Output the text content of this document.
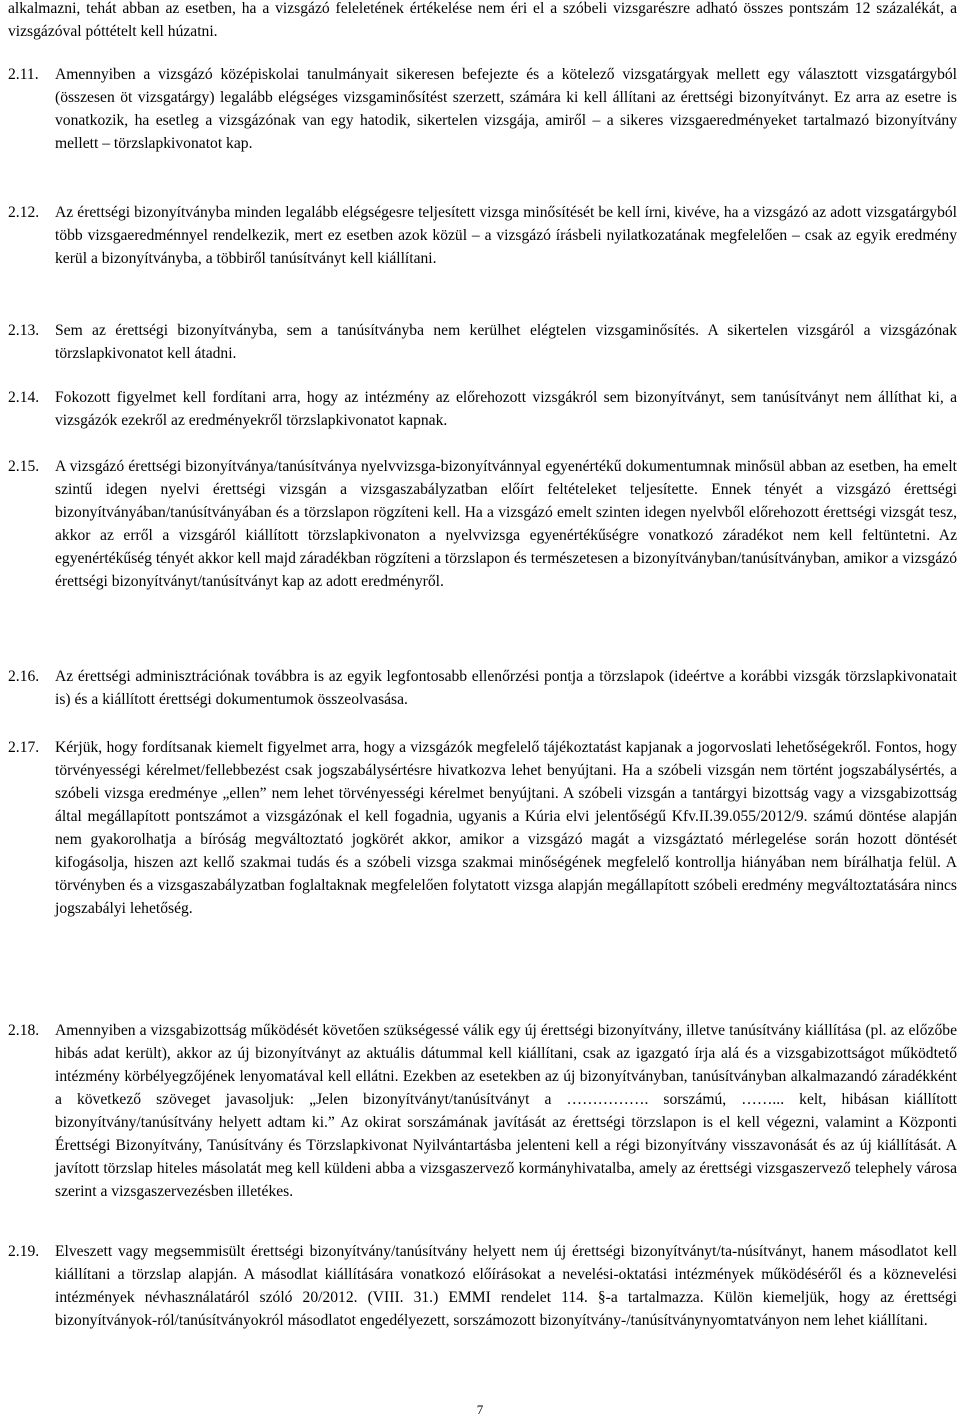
alkalmazni, tehát abban az esetben, ha a vizsgázó feleletének értékelése nem éri el a szóbeli vizsgarészre adható összes pontszám 12 százalékát, a vizsgázóval póttételt kell húzatni.

2.11.	Amennyiben a vizsgázó középiskolai tanulmányait sikeresen befejezte és a kötelező vizsgatárgyak mellett egy választott vizsgatárgyból (összesen öt vizsgatárgy) legalább elégséges vizsgaminősítést szerzett, számára ki kell állítani az érettségi bizonyítványt. Ez arra az esetre is vonatkozik, ha esetleg a vizsgázónak van egy hatodik, sikertelen vizsgája, amiről – a sikeres vizsgaeredményeket tartalmazó bizonyítvány mellett – törzslapkivonatot kap.

2.12.	Az érettségi bizonyítványba minden legalább elégségesre teljesített vizsga minősítését be kell írni, kivéve, ha a vizsgázó az adott vizsgatárgyból több vizsgaeredménnyel rendelkezik, mert ez esetben azok közül – a vizsgázó írásbeli nyilatkozatának megfelelően – csak az egyik eredmény kerül a bizonyítványba, a többiről tanúsítványt kell kiállítani.

2.13.	Sem az érettségi bizonyítványba, sem a tanúsítványba nem kerülhet elégtelen vizsgaminősítés. A sikertelen vizsgáról a vizsgázónak törzslapkivonatot kell átadni.

2.14.	Fokozott figyelmet kell fordítani arra, hogy az intézmény az előrehozott vizsgákról sem bizonyítványt, sem tanúsítványt nem állíthat ki, a vizsgázók ezekről az eredményekről törzslapkivonatot kapnak.

2.15.	A vizsgázó érettségi bizonyítványa/tanúsítványa nyelvvizsga-bizonyítvánnyal egyenértékű dokumentumnak minősül abban az esetben, ha emelt szintű idegen nyelvi érettségi vizsgán a vizsgaszabályzatban előírt feltételeket teljesítette. Ennek tényét a vizsgázó érettségi bizonyítványában/tanúsítványában és a törzslapon rögzíteni kell. Ha a vizsgázó emelt szinten idegen nyelvből előrehozott érettségi vizsgát tesz, akkor az erről a vizsgáról kiállított törzslapkivonaton a nyelvvizsga egyenértékűségre vonatkozó záradékot nem kell feltüntetni. Az egyenértékűség tényét akkor kell majd záradékban rögzíteni a törzslapon és természetesen a bizonyítványban/tanúsítványban, amikor a vizsgázó érettségi bizonyítványt/tanúsítványt kap az adott eredményről.

2.16.	Az érettségi adminisztrációnak továbbra is az egyik legfontosabb ellenőrzési pontja a törzslapok (ideértve a korábbi vizsgák törzslapkivonatait is) és a kiállított érettségi dokumentumok összeolvasása.

2.17.	Kérjük, hogy fordítsanak kiemelt figyelmet arra, hogy a vizsgázók megfelelő tájékoztatást kapjanak a jogorvoslati lehetőségekről. Fontos, hogy törvényességi kérelmet/fellebbezést csak jogszabálysértésre hivatkozva lehet benyújtani. Ha a szóbeli vizsgán nem történt jogszabálysértés, a szóbeli vizsga eredménye „ellen” nem lehet törvényességi kérelmet benyújtani. A szóbeli vizsgán a tantárgyi bizottság vagy a vizsgabizottság által megállapított pontszámot a vizsgázónak el kell fogadnia, ugyanis a Kúria elvi jelentőségű Kfv.II.39.055/2012/9. számú döntése alapján nem gyakorolhatja a bíróság megváltoztató jogkörét akkor, amikor a vizsgázó magát a vizsgáztató mérlegelése során hozott döntését kifogásolja, hiszen azt kellő szakmai tudás és a szóbeli vizsga szakmai minőségének megfelelő kontrollja hiányában nem bírálhatja felül. A törvényben és a vizsgaszabályzatban foglaltaknak megfelelően folytatott vizsga alapján megállapított szóbeli eredmény megváltoztatására nincs jogszabályi lehetőség.

2.18.	Amennyiben a vizsgabizottság működését követően szükségessé válik egy új érettségi bizonyítvány, illetve tanúsítvány kiállítása (pl. az előzőbe hibás adat került), akkor az új bizonyítványt az aktuális dátummal kell kiállítani, csak az igazgató írja alá és a vizsgabizottságot működtető intézmény körbélyegzőjének lenyomatával kell ellátni. Ezekben az esetekben az új bizonyítványban, tanúsítványban alkalmazandó záradékként a következő szöveget javasoljuk: „Jelen bizonyítványt/tanúsítványt a ……………. sorszámú, ……... kelt, hibásan kiállított bizonyítvány/tanúsítvány helyett adtam ki.” Az okirat sorszámának javítását az érettségi törzslapon is el kell végezni, valamint a Központi Érettségi Bizonyítvány, Tanúsítvány és Törzslapkivonat Nyilvántartásba jelenteni kell a régi bizonyítvány visszavonását és az új kiállítását. A javított törzslap hiteles másolatát meg kell küldeni abba a vizsgaszervező kormányhivatalba, amely az érettségi vizsgaszervező telephely városa szerint a vizsgaszervezésben illetékes.

2.19.	Elveszett vagy megsemmisült érettségi bizonyítvány/tanúsítvány helyett nem új érettségi bizonyítványt/ta-núsítványt, hanem másodlatot kell kiállítani a törzslap alapján. A másodlat kiállítására vonatkozó előírásokat a nevelési-oktatási intézmények működéséről és a köznevelési intézmények névhasználatáról szóló 20/2012. (VIII. 31.) EMMI rendelet 114. §-a tartalmazza. Külön kiemeljük, hogy az érettségi bizonyítványok-ról/tanúsítványokról másodlatot engedélyezett, sorszámozott bizonyítvány-/tanúsítványnyomtatványon nem lehet kiállítani.

7
